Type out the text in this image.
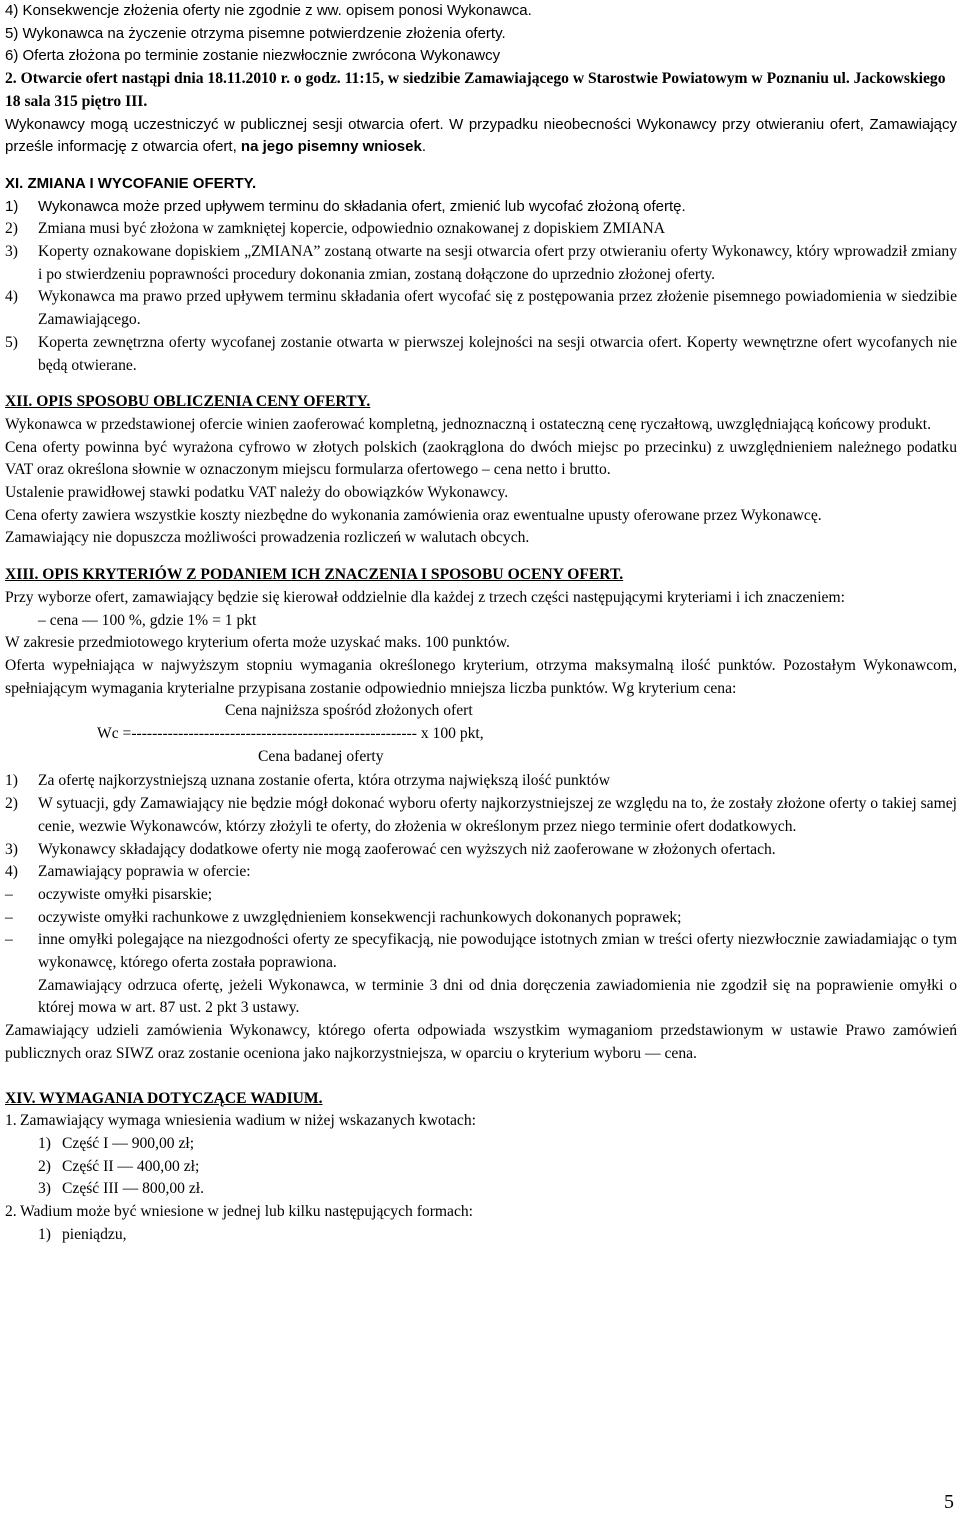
4) Konsekwencje złożenia oferty nie zgodnie z ww. opisem ponosi Wykonawca.

5) Wykonawca na życzenie otrzyma pisemne potwierdzenie złożenia oferty.

6) Oferta złożona po terminie zostanie niezwłocznie zwrócona Wykonawcy

2. Otwarcie ofert nastąpi dnia 18.11.2010 r. o godz. 11:15, w siedzibie Zamawiającego w Starostwie Powiatowym w Poznaniu ul. Jackowskiego 18 sala 315 piętro III.

Wykonawcy mogą uczestniczyć w publicznej sesji otwarcia ofert. W przypadku nieobecności Wykonawcy przy otwieraniu ofert, Zamawiający prześle informację z otwarcia ofert, na jego pisemny wniosek.

XI. ZMIANA I WYCOFANIE OFERTY.

1)	Wykonawca może przed upływem terminu do składania ofert, zmienić lub wycofać złożoną ofertę.
2)	Zmiana musi być złożona w zamkniętej kopercie, odpowiednio oznakowanej z dopiskiem ZMIANA
3)	Koperty oznakowane dopiskiem „ZMIANA” zostaną otwarte na sesji otwarcia ofert przy otwieraniu oferty Wykonawcy, który wprowadził zmiany i po stwierdzeniu poprawności procedury dokonania zmian, zostaną dołączone do uprzednio złożonej oferty.
4)	Wykonawca ma prawo przed upływem terminu składania ofert wycofać się z postępowania przez złożenie pisemnego powiadomienia w siedzibie Zamawiającego.
5)	Koperta zewnętrzna oferty wycofanej zostanie otwarta w pierwszej kolejności na sesji otwarcia ofert. Koperty wewnętrzne ofert wycofanych nie będą otwierane.

XII. OPIS SPOSOBU OBLICZENIA CENY OFERTY.

Wykonawca w przedstawionej ofercie winien zaoferować kompletną, jednoznaczną i ostateczną cenę ryczałtową, uwzględniającą końcowy produkt.

Cena oferty powinna być wyrażona cyfrowo w złotych polskich (zaokrąglona do dwóch miejsc po przecinku) z uwzględnieniem należnego podatku VAT oraz określona słownie w oznaczonym miejscu formularza ofertowego – cena netto i brutto.

Ustalenie prawidłowej stawki podatku VAT należy do obowiązków Wykonawcy.

Cena oferty zawiera wszystkie koszty niezbędne do wykonania zamówienia oraz ewentualne upusty oferowane przez Wykonawcę.

Zamawiający nie dopuszcza możliwości prowadzenia rozliczeń w walutach obcych.

XIII. OPIS KRYTERIÓW Z PODANIEM ICH ZNACZENIA I SPOSOBU OCENY OFERT.

Przy wyborze ofert, zamawiający będzie się kierował oddzielnie dla każdej z trzech części następującymi kryteriami i ich znaczeniem:

– cena — 100 %, gdzie 1% = 1 pkt

W zakresie przedmiotowego kryterium oferta może uzyskać maks. 100 punktów.

Oferta wypełniająca w najwyższym stopniu wymagania określonego kryterium, otrzyma maksymalną ilość punktów. Pozostałym Wykonawcom, spełniającym wymagania kryterialne przypisana zostanie odpowiednio mniejsza liczba punktów. Wg kryterium cena:

Cena najniższa spośród złożonych ofert
Wc =------------------------------------------------------- x 100 pkt,
Cena badanej oferty
1)	Za ofertę najkorzystniejszą uznana zostanie oferta, która otrzyma największą ilość punktów
2)	W sytuacji, gdy Zamawiający nie będzie mógł dokonać wyboru oferty najkorzystniejszej ze względu na to, że zostały złożone oferty o takiej samej cenie, wezwie Wykonawców, którzy złożyli te oferty, do złożenia w określonym przez niego terminie ofert dodatkowych.
3)	Wykonawcy składający dodatkowe oferty nie mogą zaoferować cen wyższych niż zaoferowane w złożonych ofertach.
4)	Zamawiający poprawia w ofercie:
–	oczywiste omyłki pisarskie;
–	oczywiste omyłki rachunkowe z uwzględnieniem konsekwencji rachunkowych dokonanych poprawek;
–	inne omyłki polegające na niezgodności oferty ze specyfikacją, nie powodujące istotnych zmian w treści oferty niezwłocznie zawiadamiając o tym wykonawcę, którego oferta została poprawiona.

Zamawiający odrzuca ofertę, jeżeli Wykonawca, w terminie 3 dni od dnia doręczenia zawiadomienia nie zgodził się na poprawienie omyłki o której mowa w art. 87 ust. 2 pkt 3 ustawy.

Zamawiający udzieli zamówienia Wykonawcy, którego oferta odpowiada wszystkim wymaganiom przedstawionym w ustawie Prawo zamówień publicznych oraz SIWZ oraz zostanie oceniona jako najkorzystniejsza, w oparciu o kryterium wyboru — cena.

XIV. WYMAGANIA DOTYCZĄCE WADIUM.

1. Zamawiający wymaga wniesienia wadium w niżej wskazanych kwotach:
1) Część I — 900,00 zł;
2) Część II — 400,00 zł;
3) Część III — 800,00 zł.
2. Wadium może być wniesione w jednej lub kilku następujących formach:
1) pieniądzu,
5
